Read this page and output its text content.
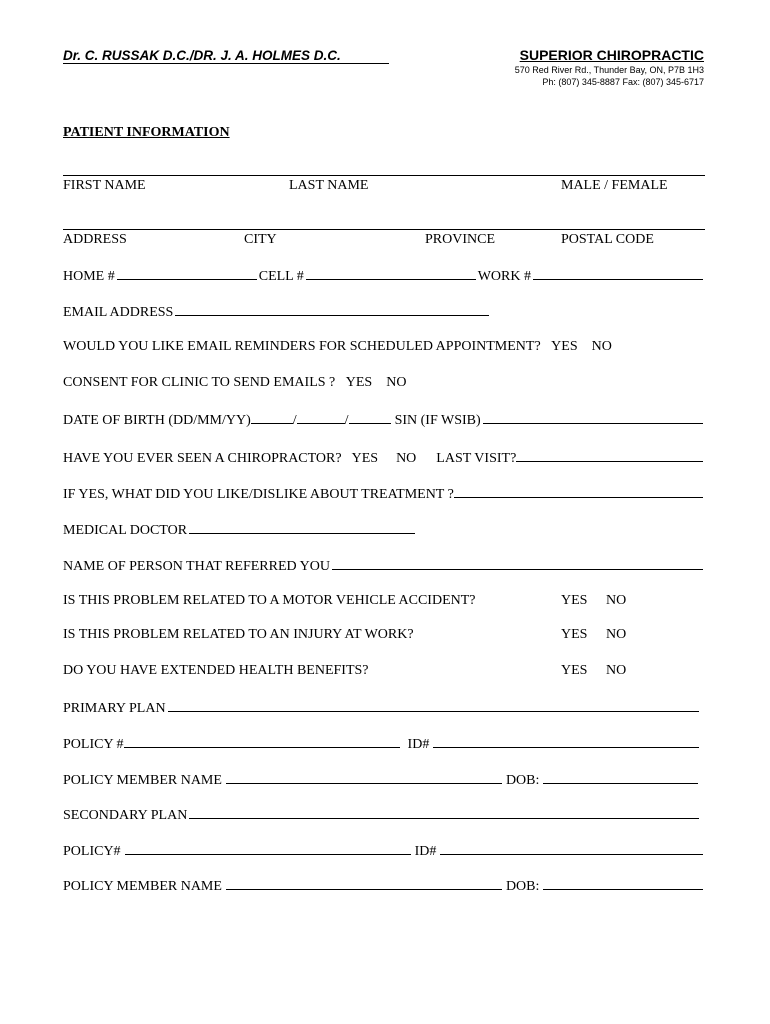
Dr. C. RUSSAK D.C./DR. J. A. HOLMES D.C.	SUPERIOR CHIROPRACTIC
570 Red River Rd., Thunder Bay, ON, P7B 1H3
Ph: (807) 345-8887 Fax: (807) 345-6717
PATIENT INFORMATION
FIRST NAME	LAST NAME	MALE / FEMALE
ADDRESS	CITY	PROVINCE	POSTAL CODE
HOME #	CELL #	WORK #
EMAIL ADDRESS
WOULD YOU LIKE EMAIL REMINDERS FOR SCHEDULED APPOINTMENT? YES NO
CONSENT FOR CLINIC TO SEND EMAILS ? YES NO
DATE OF BIRTH (DD/MM/YY)	/	/	SIN (IF WSIB)
HAVE YOU EVER SEEN A CHIROPRACTOR? YES NO LAST VISIT?
IF YES, WHAT DID YOU LIKE/DISLIKE ABOUT TREATMENT ?
MEDICAL DOCTOR
NAME OF PERSON THAT REFERRED YOU
IS THIS PROBLEM RELATED TO A MOTOR VEHICLE ACCIDENT?	YES NO
IS THIS PROBLEM RELATED TO AN INJURY AT WORK?	YES NO
DO YOU HAVE EXTENDED HEALTH BENEFITS?	YES NO
PRIMARY PLAN
POLICY #	ID#
POLICY MEMBER NAME	DOB:
SECONDARY PLAN
POLICY#	ID#
POLICY MEMBER NAME	DOB:
